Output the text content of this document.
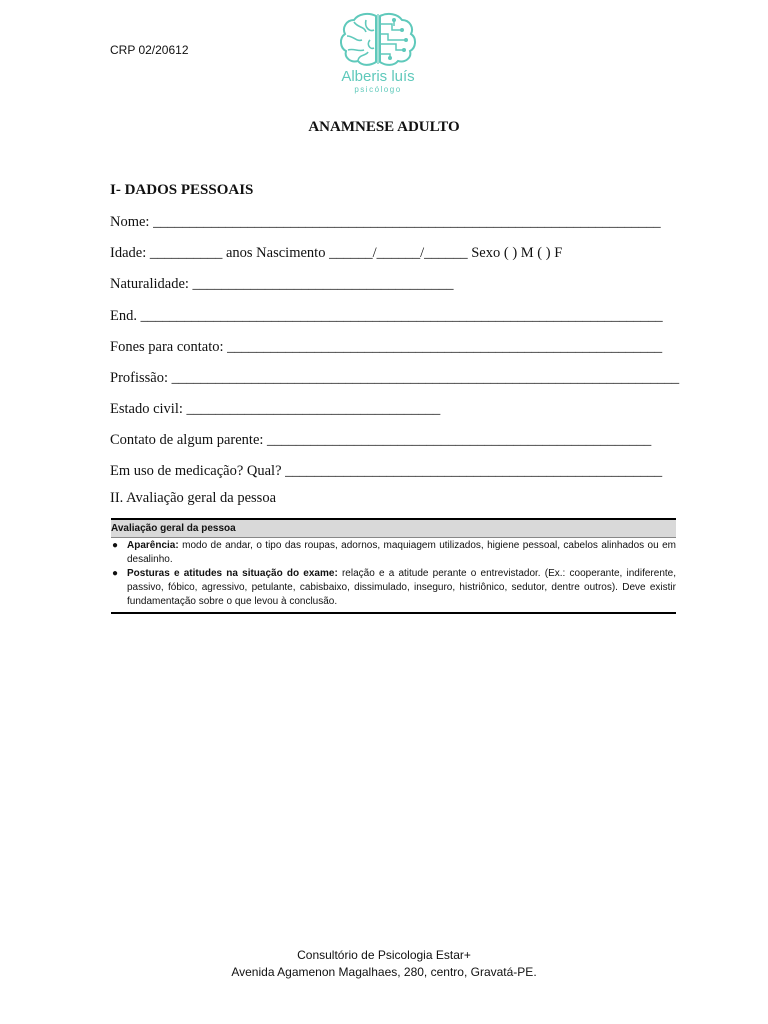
CRP 02/20612
Alberis luís
psicólogo
ANAMNESE ADULTO
I- DADOS PESSOAIS
Nome: ______________________________________________________________________
Idade: __________ anos Nascimento ______/______/______ Sexo ( ) M ( ) F
Naturalidade: ____________________________________
End. ________________________________________________________________________
Fones para contato: ____________________________________________________________
Profissão: ______________________________________________________________________
Estado civil: ___________________________________
Contato de algum parente: _____________________________________________________
Em uso de medicação? Qual? ____________________________________________________
II. Avaliação geral da pessoa
Avaliação geral da pessoa
● Aparência: modo de andar, o tipo das roupas, adornos, maquiagem utilizados, higiene pessoal, cabelos alinhados ou em desalinho.
● Posturas e atitudes na situação do exame: relação e a atitude perante o entrevistador. (Ex.: cooperante, indiferente, passivo, fóbico, agressivo, petulante, cabisbaixo, dissimulado, inseguro, histriônico, sedutor, dentre outros). Deve existir fundamentação sobre o que levou à conclusão.
Consultório de Psicologia Estar+
Avenida Agamenon Magalhaes, 280, centro, Gravatá-PE.
